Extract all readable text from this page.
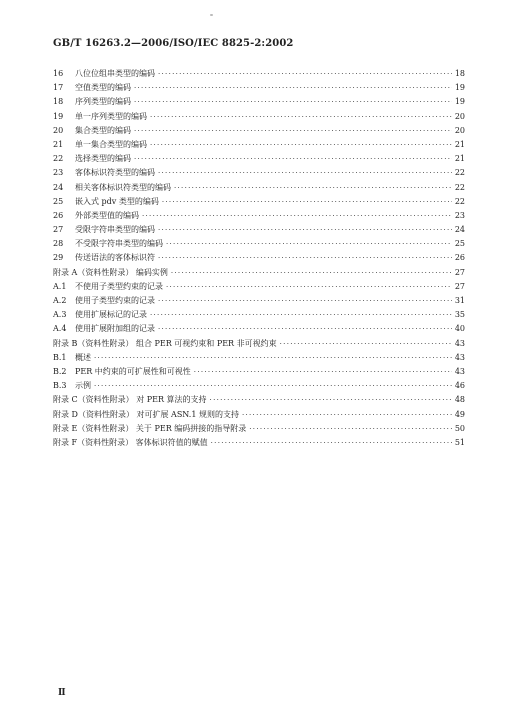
GB/T 16263.2—2006/ISO/IEC 8825-2:2002
16	八位位组串类型的编码 ·····	18
17	空值类型的编码 ·····	19
18	序列类型的编码 ·····	19
19	单一序列类型的编码 ·····	20
20	集合类型的编码 ·····	20
21	单一集合类型的编码 ·····	21
22	选择类型的编码 ·····	21
23	客体标识符类型的编码 ·····	22
24	相关客体标识符类型的编码 ·····	22
25	嵌入式 pdv 类型的编码 ·····	22
26	外部类型值的编码 ·····	23
27	受限字符串类型的编码 ·····	24
28	不受限字符串类型的编码 ·····	25
29	传送语法的客体标识符 ·····	26
附录 A（资料性附录） 编码实例 ·····	27
A.1	不使用子类型约束的记录 ·····	27
A.2	使用子类型约束的记录 ·····	31
A.3	使用扩展标记的记录 ·····	35
A.4	使用扩展附加组的记录 ·····	40
附录 B（资料性附录） 组合 PER 可视约束和 PER 非可视约束 ·····	43
B.1	概述 ·····	43
B.2	PER 中约束的可扩展性和可视性 ·····	43
B.3	示例 ·····	46
附录 C（资料性附录） 对 PER 算法的支持 ·····	48
附录 D（资料性附录） 对可扩展 ASN.1 规则的支持 ·····	49
附录 E（资料性附录） 关于 PER 编码拼接的指导附录 ·····	50
附录 F（资料性附录） 客体标识符值的赋值 ·····	51
Ⅱ
